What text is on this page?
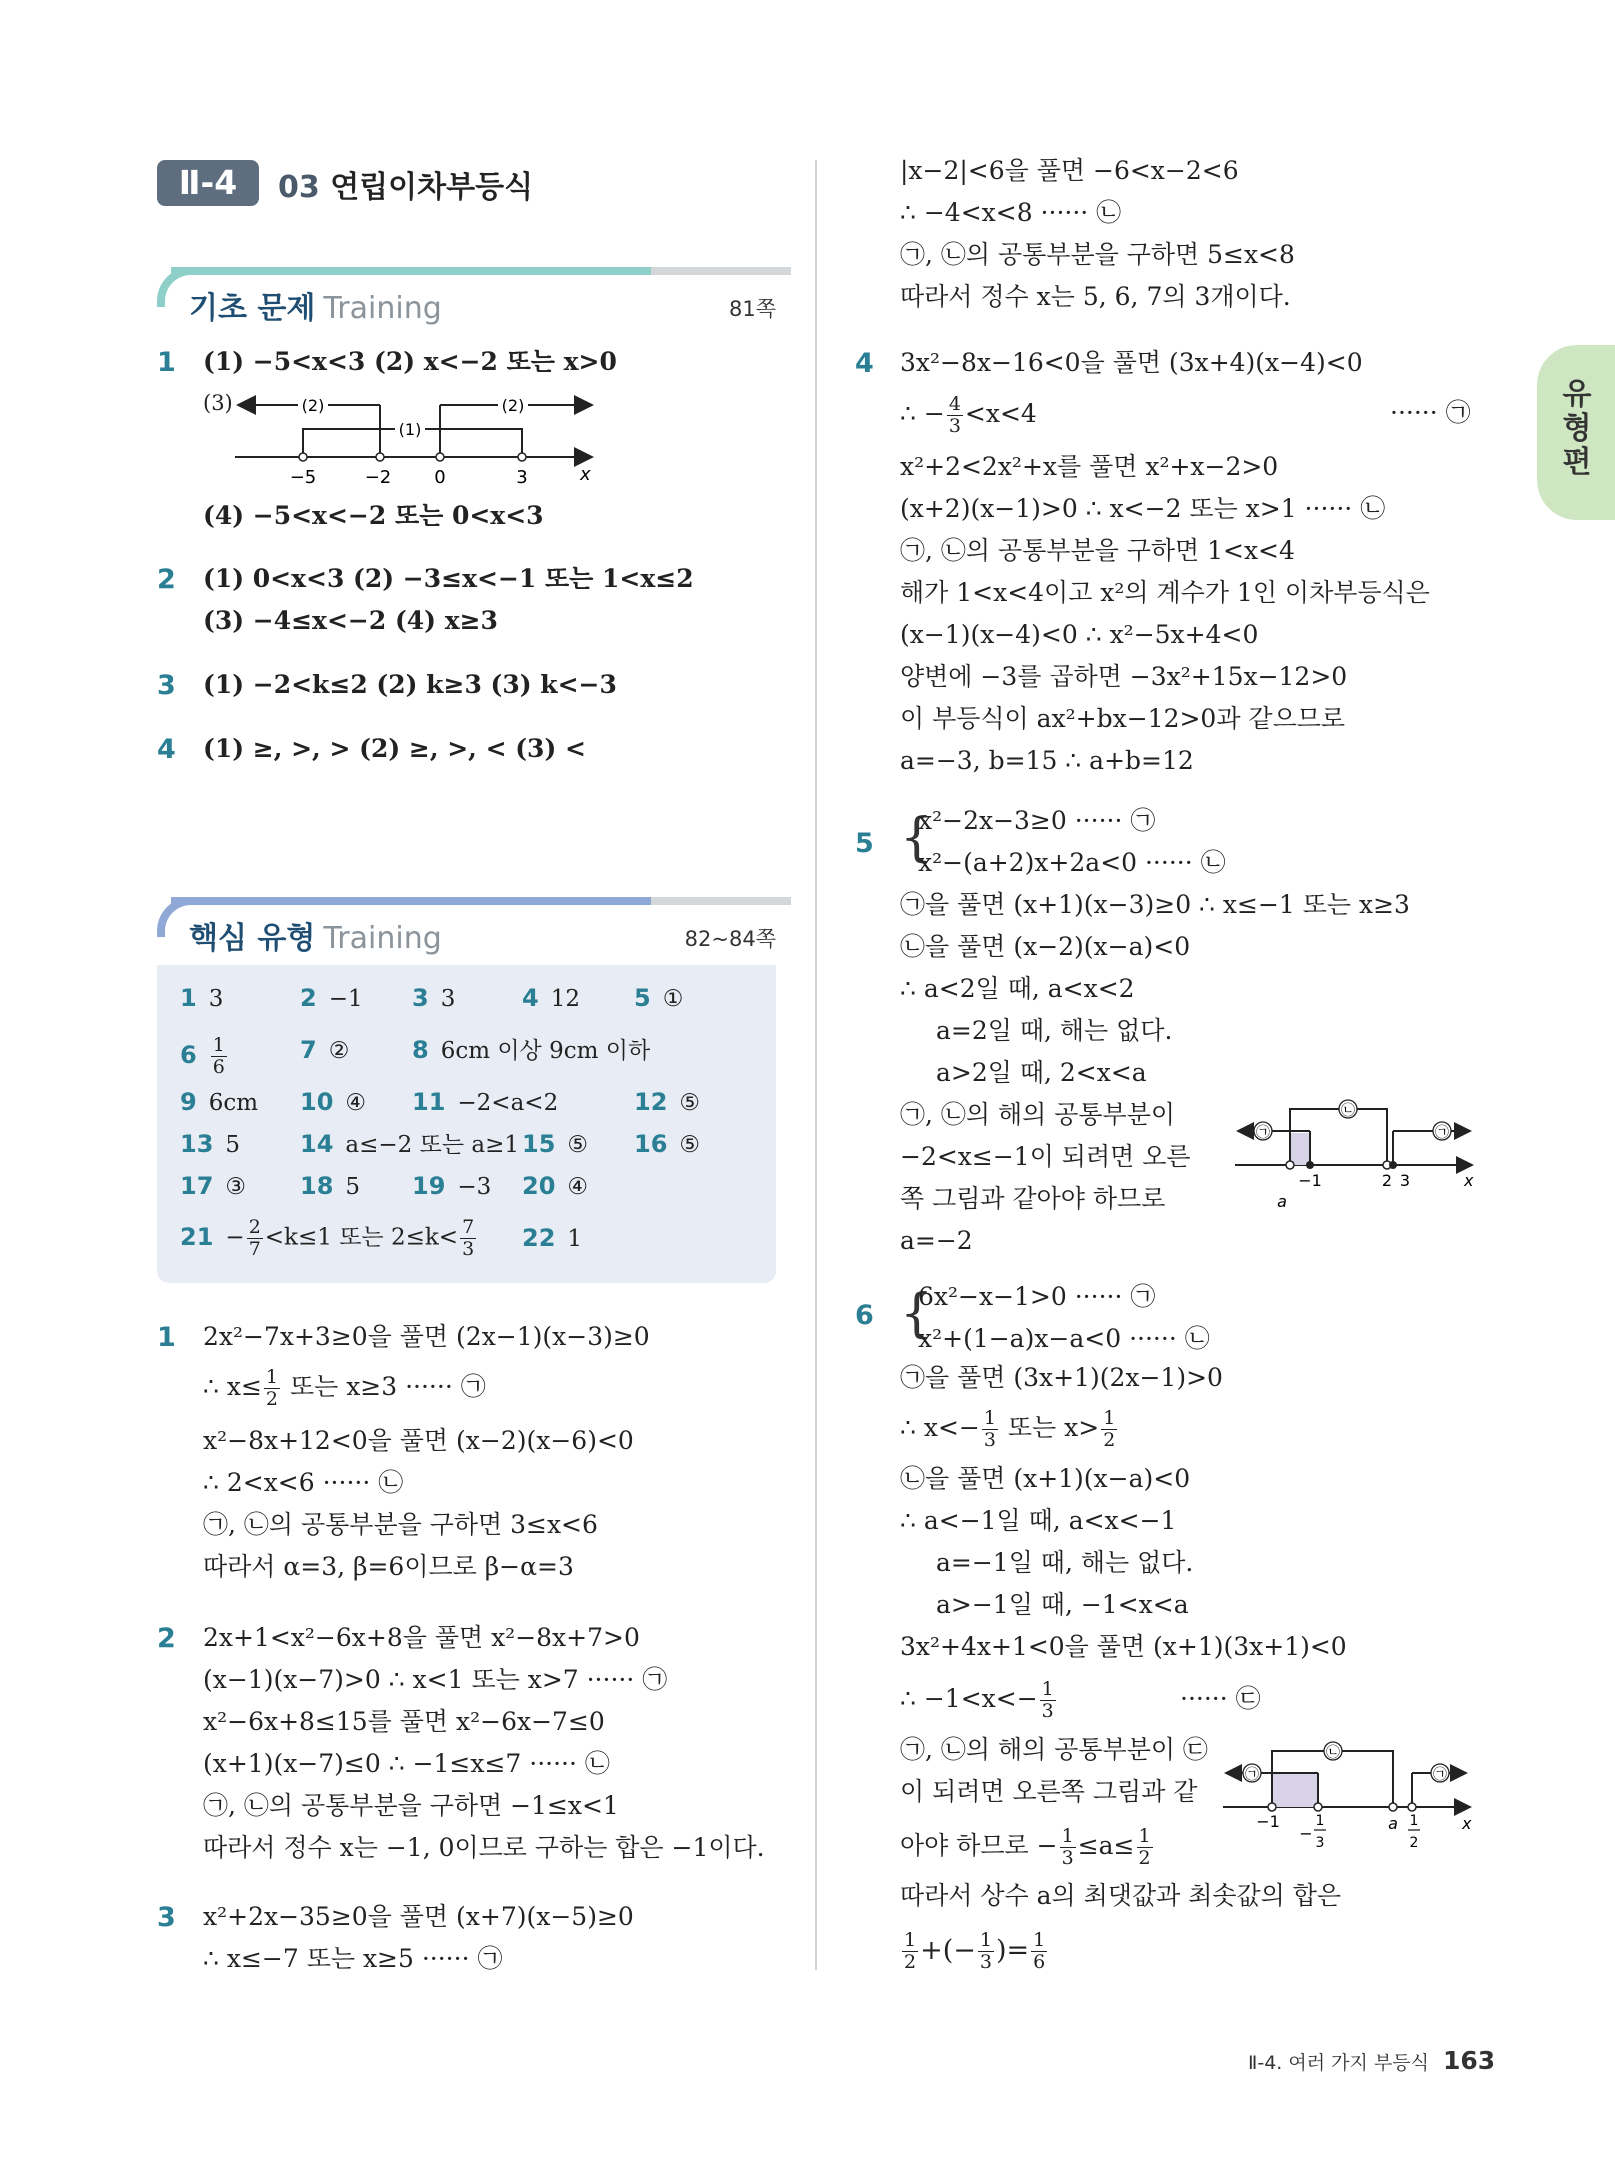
Ⅱ-4	03 연립이차부등식
기초 문제 Training	81쪽
1 (1) −5<x<3 (2) x<−2 또는 x>0
(3)
−5	−2 0	3	x
(2)	(2)
(1)
(4) −5<x<−2 또는 0<x<3
2 (1) 0<x<3 (2) −3≤x<−1 또는 1<x≤2
(3) −4≤x<−2 (4) x≥3
3 (1) −2<k≤2 (2) k≥3 (3) k<−3
4 (1) ≥, >, > (2) ≥, >, < (3) <
핵심 유형 Training	82~84쪽
1 3	2 −1 3 3	4 12 5 ①
$6 \frac{1}{6}$	7 ②	8 6cm 이상 9cm 이하
9 6cm 10 ④ 11 −2<a<2	12 ⑤
13 5 14 a≤−2 또는 a≥1 15 ⑤ 16 ⑤
17 ③ 18 5 19 −3 20 ④
$21 - \frac{2}{7} <k\le 1$ 또는 $2\le k< \frac{7}{3} 22$ 1
1 2x²−7x+3≥0을 풀면 (2x−1)(x−3)≥0
∴ $x\le \frac{1}{2}$ 또는 x≥3 ······ ㉠
x²−8x+12<0을 풀면 (x−2)(x−6)<0
∴ 2<x<6 ······ ㉡
㉠, ㉡의 공통부분을 구하면 3≤x<6
따라서 α=3, β=6이므로 β−α=3
2 2x+1<x²−6x+8을 풀면 x²−8x+7>0
(x−1)(x−7)>0 ∴ x<1 또는 x>7 ······ ㉠
x²−6x+8≤15를 풀면 x²−6x−7≤0
(x+1)(x−7)≤0 ∴ −1≤x≤7 ······ ㉡
㉠, ㉡의 공통부분을 구하면 −1≤x<1
따라서 정수 x는 −1, 0이므로 구하는 합은 −1이다.
3 x²+2x−35≥0을 풀면 (x+7)(x−5)≥0
∴ x≤−7 또는 x≥5 ······ ㉠
|x−2|<6을 풀면 −6<x−2<6
∴ −4<x<8 ······ ㉡
㉠, ㉡의 공통부분을 구하면 5≤x<8
따라서 정수 x는 5, 6, 7의 3개이다.
4 3x²−8x−16<0을 풀면 (3x+4)(x−4)<0
∴ − $\frac{4}{3} <x<4$	······ ㉠
x²+2<2x²+x를 풀면 x²+x−2>0
(x+2)(x−1)>0 ∴ x<−2 또는 x>1 ······ ㉡
㉠, ㉡의 공통부분을 구하면 1<x<4
해가 1<x<4이고 x²의 계수가 1인 이차부등식은
(x−1)(x−4)<0 ∴ x²−5x+4<0
양변에 −3를 곱하면 −3x²+15x−12>0
이 부등식이 ax²+bx−12>0과 같으므로
a=−3, b=15 ∴ a+b=12
5 {
x²−2x−3≥0 ······ ㉠
x²−(a+2)x+2a<0 ······ ㉡
㉠을 풀면 (x+1)(x−3)≥0 ∴ x≤−1 또는 x≥3
㉡을 풀면 (x−2)(x−a)<0
∴ a<2일 때, a<x<2
a=2일 때, 해는 없다.
a>2일 때, 2<x<a
㉠, ㉡의 해의 공통부분이
−2<x≤−1이 되려면 오른
쪽 그림과 같아야 하므로
a=−2
㉠
㉡
㉠
−1	2 3
a
x
6 {
6x²−x−1>0 ······ ㉠
x²+(1−a)x−a<0 ······ ㉡
㉠을 풀면 (3x+1)(2x−1)>0
∴ $x<- \frac{1}{3}$ 또는 $x> \frac{1}{2}$
㉡을 풀면 (x+1)(x−a)<0
∴ a<−1일 때, a<x<−1
a=−1일 때, 해는 없다.
a>−1일 때, −1<x<a
3x²+4x+1<0을 풀면 (x+1)(3x+1)<0
∴ $-1<x<- \frac{1}{3}$	······ ㉢
㉠, ㉡의 해의 공통부분이 ㉢
이 되려면 오른쪽 그림과 같
아야 하므로 − $\frac{1}{3} \le a\le \frac{1}{2}$
따라서 상수 a의 최댓값과 최솟값의 합은
$\frac{1}{2}$ +(− $\frac{1}{3}$ )= $\frac{1}{6}$
㉠
㉡
㉠
−1
−
1
3
a 1
2
x
유
형
편
Ⅱ-4. 여러 가지 부등식 163
